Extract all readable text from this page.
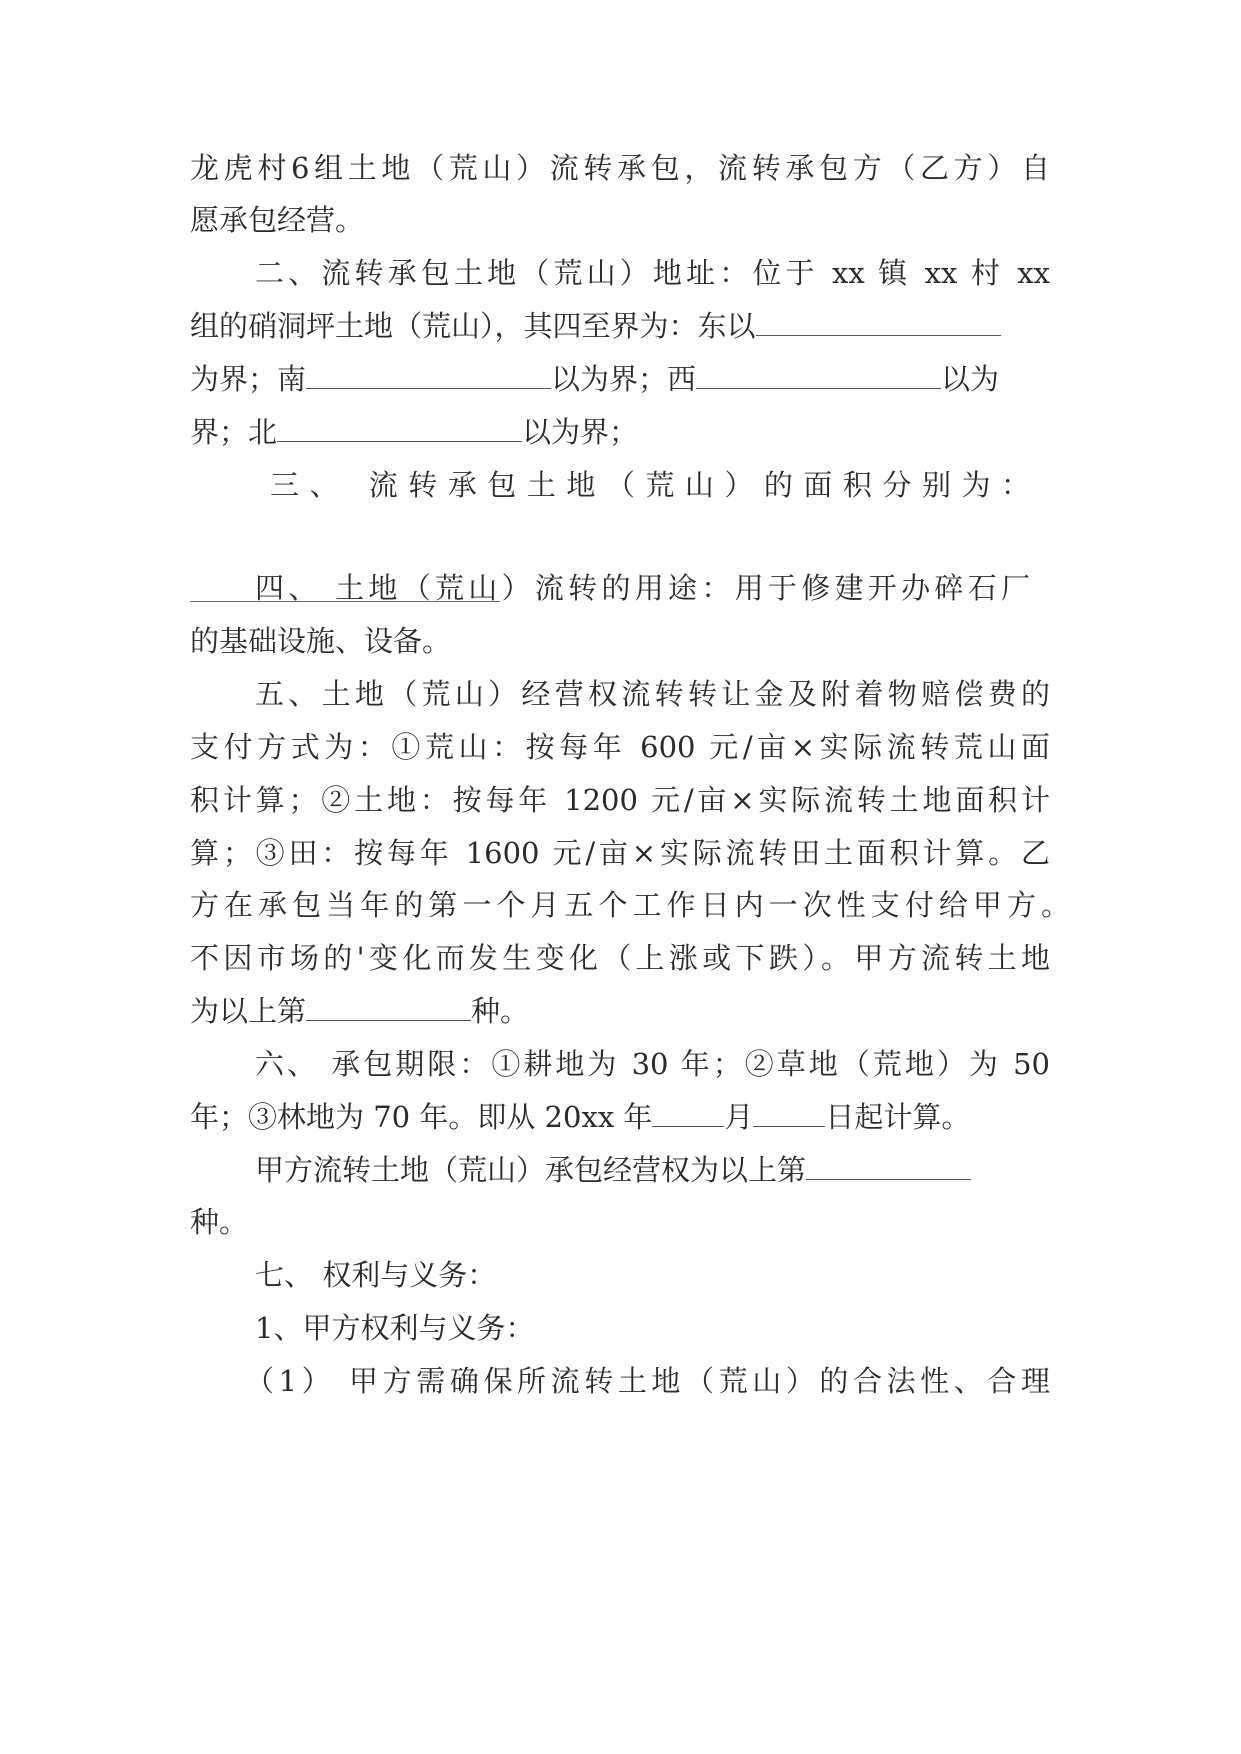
龙虎村6组土地（荒山）流转承包，流转承包方（乙方）自
愿承包经营。
二、流转承包土地（荒山）地址：位于 xx 镇 xx 村 xx
组的硝洞坪土地（荒山），其四至界为：东以
为界；南	以为界；西	以为
界；北	以为界；
三、 流转承包土地（荒山）的面积分别为：
四、 土地（荒山）流转的用途：用于修建开办碎石厂
的基础设施、设备。
五、土地（荒山）经营权流转转让金及附着物赔偿费的
支付方式为：①荒山：按每年 600 元/亩×实际流转荒山面
积计算；②土地：按每年 1200 元/亩×实际流转土地面积计
算；③田：按每年 1600 元/亩×实际流转田土面积计算。乙
方在承包当年的第一个月五个工作日内一次性支付给甲方。
不因市场的'变化而发生变化（上涨或下跌）。甲方流转土地
为以上第	种。
六、 承包期限：①耕地为 30 年；②草地（荒地）为 50
年；③林地为 70 年。即从 20xx 年 月 日起计算。
甲方流转土地（荒山）承包经营权为以上第
种。
七、 权利与义务：
1、甲方权利与义务：
（1） 甲方需确保所流转土地（荒山）的合法性、合理
